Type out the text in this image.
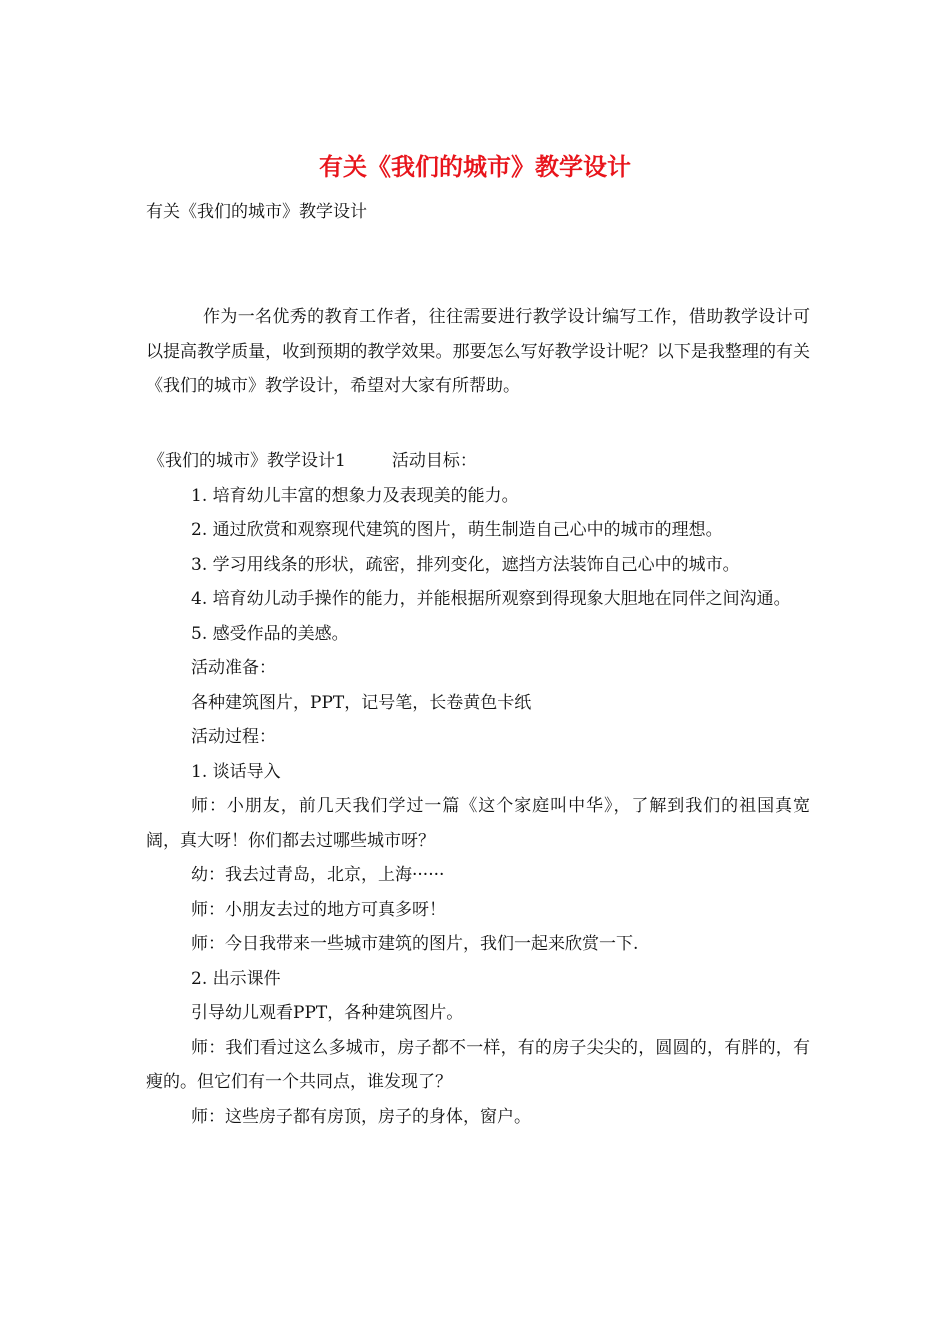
有关《我们的城市》教学设计

有关《我们的城市》教学设计

作为一名优秀的教育工作者，往往需要进行教学设计编写工作，借助教学设计可以提高教学质量，收到预期的教学效果。那要怎么写好教学设计呢？以下是我整理的有关《我们的城市》教学设计，希望对大家有所帮助。

《我们的城市》教学设计1	活动目标：

1. 培育幼儿丰富的想象力及表现美的能力。

2. 通过欣赏和观察现代建筑的图片，萌生制造自己心中的城市的理想。

3. 学习用线条的形状，疏密，排列变化，遮挡方法装饰自己心中的城市。

4. 培育幼儿动手操作的能力，并能根据所观察到得现象大胆地在同伴之间沟通。

5. 感受作品的美感。

活动准备：

各种建筑图片，PPT，记号笔，长卷黄色卡纸

活动过程：

1. 谈话导入

师：小朋友，前几天我们学过一篇《这个家庭叫中华》，了解到我们的祖国真宽阔，真大呀！你们都去过哪些城市呀？

幼：我去过青岛，北京，上海······

师：小朋友去过的地方可真多呀！

师：今日我带来一些城市建筑的图片，我们一起来欣赏一下.

2. 出示课件

引导幼儿观看PPT，各种建筑图片。

师：我们看过这么多城市，房子都不一样，有的房子尖尖的，圆圆的，有胖的，有瘦的。但它们有一个共同点，谁发现了？

师：这些房子都有房顶，房子的身体，窗户。
